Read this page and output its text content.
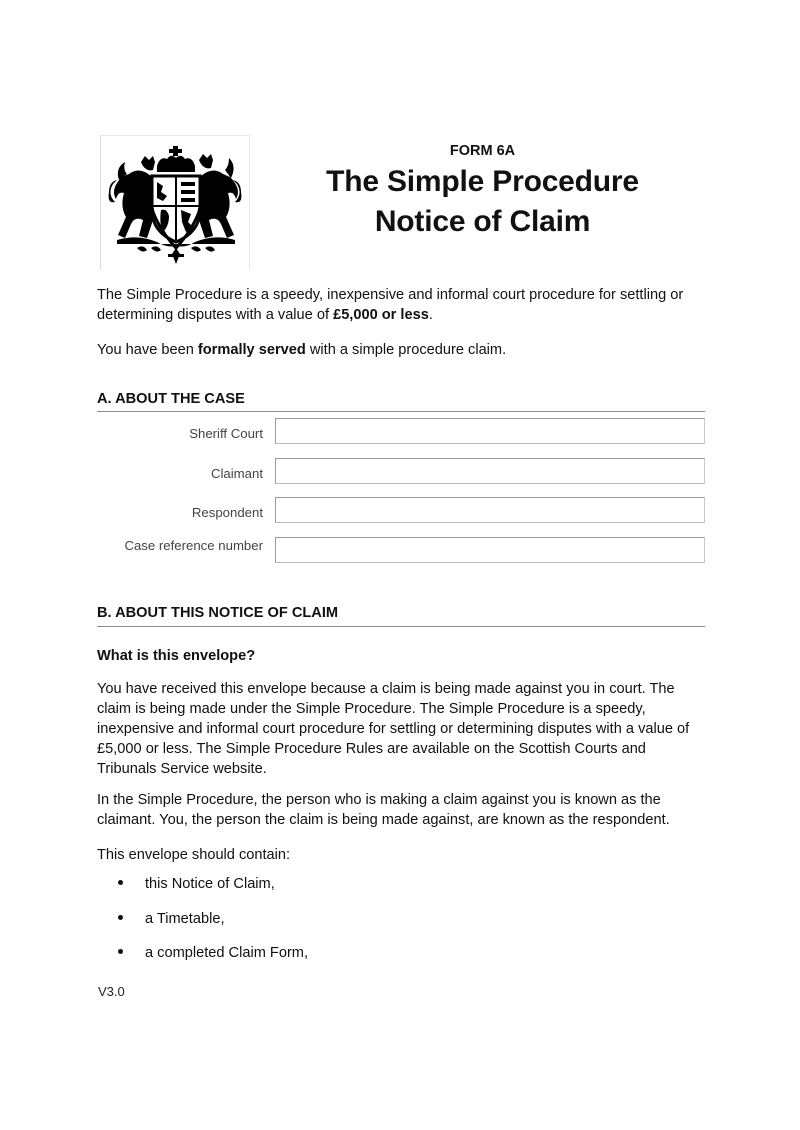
FORM 6A
The Simple Procedure
Notice of Claim
The Simple Procedure is a speedy, inexpensive and informal court procedure for settling or determining disputes with a value of £5,000 or less.
You have been formally served with a simple procedure claim.
A. ABOUT THE CASE
Sheriff Court
Claimant
Respondent
Case reference number
B. ABOUT THIS NOTICE OF CLAIM
What is this envelope?
You have received this envelope because a claim is being made against you in court. The claim is being made under the Simple Procedure. The Simple Procedure is a speedy, inexpensive and informal court procedure for settling or determining disputes with a value of £5,000 or less. The Simple Procedure Rules are available on the Scottish Courts and Tribunals Service website.
In the Simple Procedure, the person who is making a claim against you is known as the claimant. You, the person the claim is being made against, are known as the respondent.
This envelope should contain:
this Notice of Claim,
a Timetable,
a completed Claim Form,
V3.0
